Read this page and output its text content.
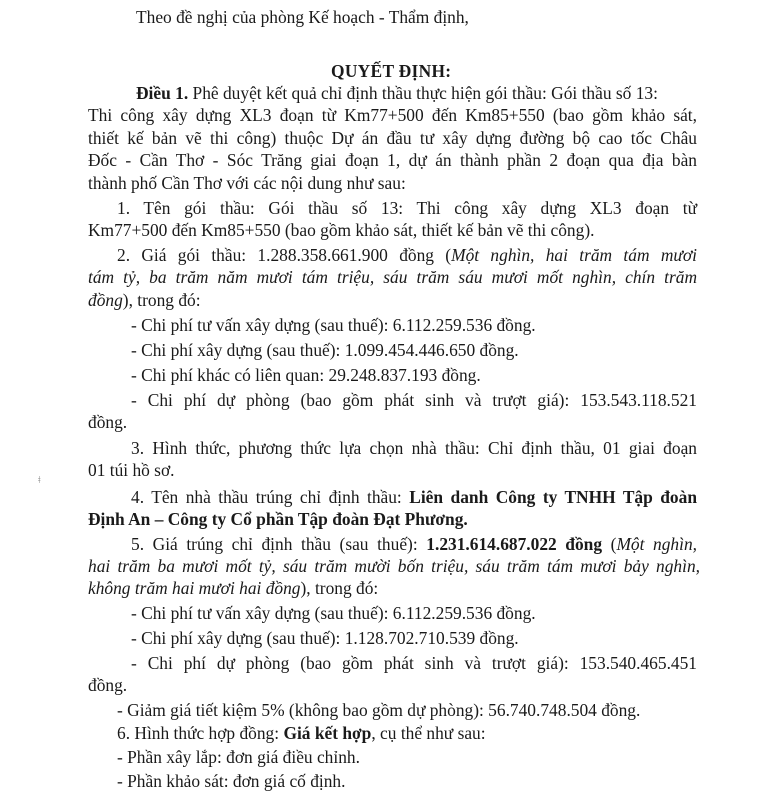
Theo đề nghị của phòng Kế hoạch - Thẩm định,
QUYẾT ĐỊNH:
Điều 1. Phê duyệt kết quả chỉ định thầu thực hiện gói thầu: Gói thầu số 13:
Thi công xây dựng XL3 đoạn từ Km77+500 đến Km85+550 (bao gồm khảo sát,
thiết kế bản vẽ thi công) thuộc Dự án đầu tư xây dựng đường bộ cao tốc Châu
Đốc - Cần Thơ - Sóc Trăng giai đoạn 1, dự án thành phần 2 đoạn qua địa bàn
thành phố Cần Thơ với các nội dung như sau:
1. Tên gói thầu: Gói thầu số 13: Thi công xây dựng XL3 đoạn từ
Km77+500 đến Km85+550 (bao gồm khảo sát, thiết kế bản vẽ thi công).
2. Giá gói thầu: 1.288.358.661.900 đồng (Một nghìn, hai trăm tám mươi
tám tỷ, ba trăm năm mươi tám triệu, sáu trăm sáu mươi mốt nghìn, chín trăm
đồng), trong đó:
- Chi phí tư vấn xây dựng (sau thuế): 6.112.259.536 đồng.
- Chi phí xây dựng (sau thuế): 1.099.454.446.650 đồng.
- Chi phí khác có liên quan: 29.248.837.193 đồng.
- Chi phí dự phòng (bao gồm phát sinh và trượt giá): 153.543.118.521
đồng.
3. Hình thức, phương thức lựa chọn nhà thầu: Chỉ định thầu, 01 giai đoạn
01 túi hồ sơ.
4. Tên nhà thầu trúng chỉ định thầu: Liên danh Công ty TNHH Tập đoàn
Định An – Công ty Cổ phần Tập đoàn Đạt Phương.
5. Giá trúng chỉ định thầu (sau thuế): 1.231.614.687.022 đồng (Một nghìn,
hai trăm ba mươi mốt tỷ, sáu trăm mười bốn triệu, sáu trăm tám mươi bảy nghìn,
không trăm hai mươi hai đồng), trong đó:
- Chi phí tư vấn xây dựng (sau thuế): 6.112.259.536 đồng.
- Chi phí xây dựng (sau thuế): 1.128.702.710.539 đồng.
- Chi phí dự phòng (bao gồm phát sinh và trượt giá): 153.540.465.451
đồng.
- Giảm giá tiết kiệm 5% (không bao gồm dự phòng): 56.740.748.504 đồng.
6. Hình thức hợp đồng: Giá kết hợp, cụ thể như sau:
- Phần xây lắp: đơn giá điều chỉnh.
- Phần khảo sát: đơn giá cố định.
ǂ
